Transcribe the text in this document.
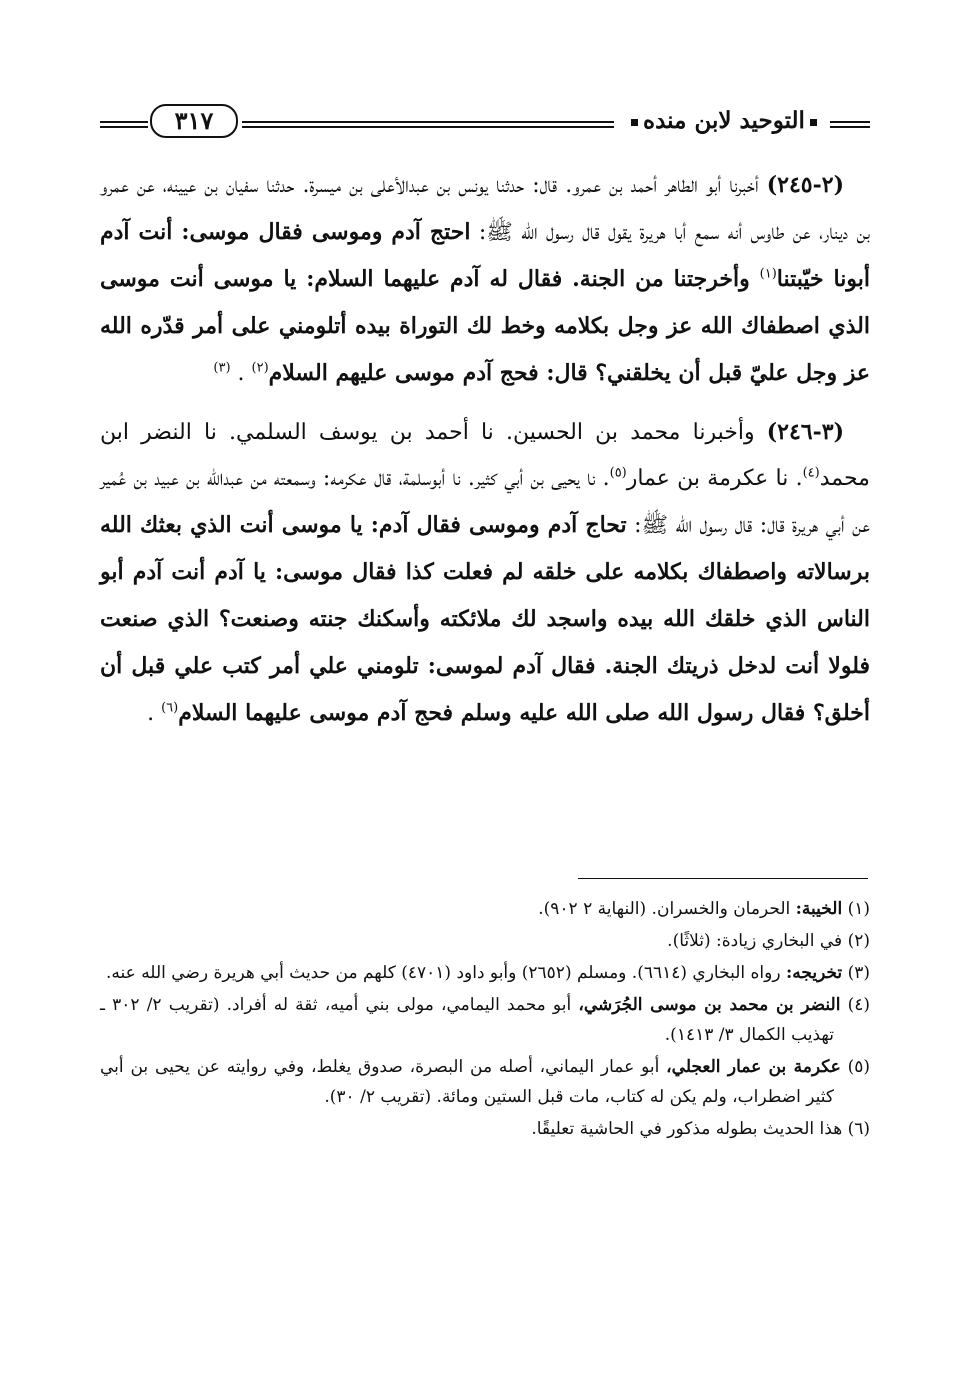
٣١٧	التوحيد لابن منده

(٢-٢٤٥) أخبرنا أبو الطاهر أحمد بن عمرو. قال: حدثنا يونس بن عبدالأعلى بن ميسرة. حدثنا سفيان بن عيينه، عن عمرو بن دينار، عن طاوس أنه سمع أبا هريرة يقول قال رسول الله ﷺ: احتج آدم وموسى فقال موسى: أنت آدم أبونا خيّبتنا$^{(١)}$ وأخرجتنا من الجنة. فقال له آدم عليهما السلام: يا موسى أنت موسى الذي اصطفاك الله عز وجل بكلامه وخط لك التوراة بيده أتلومني على أمر قدّره الله عز وجل عليّ قبل أن يخلقني؟ قال: فحج آدم موسى عليهم السلام$^{(٢)}$ . $^{(٣)}$

(٣-٢٤٦) وأخبرنا محمد بن الحسين. نا أحمد بن يوسف السلمي. نا النضر ابن محمد$^{(٤)}$. نا عكرمة بن عمار$^{(٥)}$. نا يحيى بن أبي كثير. نا أبوسلمة، قال عكرمه: وسمعته من عبدالله بن عبيد بن عُمير عن أبي هريرة قال: قال رسول الله ﷺ: تحاج آدم وموسى فقال آدم: يا موسى أنت الذي بعثك الله برسالاته واصطفاك بكلامه على خلقه لم فعلت كذا فقال موسى: يا آدم أنت آدم أبو الناس الذي خلقك الله بيده واسجد لك ملائكته وأسكنك جنته وصنعت؟ الذي صنعت فلولا أنت لدخل ذريتك الجنة. فقال آدم لموسى: تلومني علي أمر كتب علي قبل أن أخلق؟ فقال رسول الله صلى الله عليه وسلم فحج آدم موسى عليهما السلام$^{(٦)}$ .

(١) الخيبة: الحرمان والخسران. (النهاية ٢ ٩٠٢).

(٢) في البخاري زيادة: (ثلاثًا).

(٣) تخريجه: رواه البخاري (٦٦١٤). ومسلم (٢٦٥٢) وأبو داود (٤٧٠١) كلهم من حديث أبي هريرة رضي الله عنه.

(٤) النضر بن محمد بن موسى الجُرَشي، أبو محمد اليمامي، مولى بني أميه، ثقة له أفراد. (تقريب ٢/ ٣٠٢ ـ تهذيب الكمال ٣/ ١٤١٣).

(٥) عكرمة بن عمار العجلي، أبو عمار اليماني، أصله من البصرة، صدوق يغلط، وفي روايته عن يحيى بن أبي كثير اضطراب، ولم يكن له كتاب، مات قبل الستين ومائة. (تقريب ٢/ ٣٠).

(٦) هذا الحديث بطوله مذكور في الحاشية تعليقًا.
